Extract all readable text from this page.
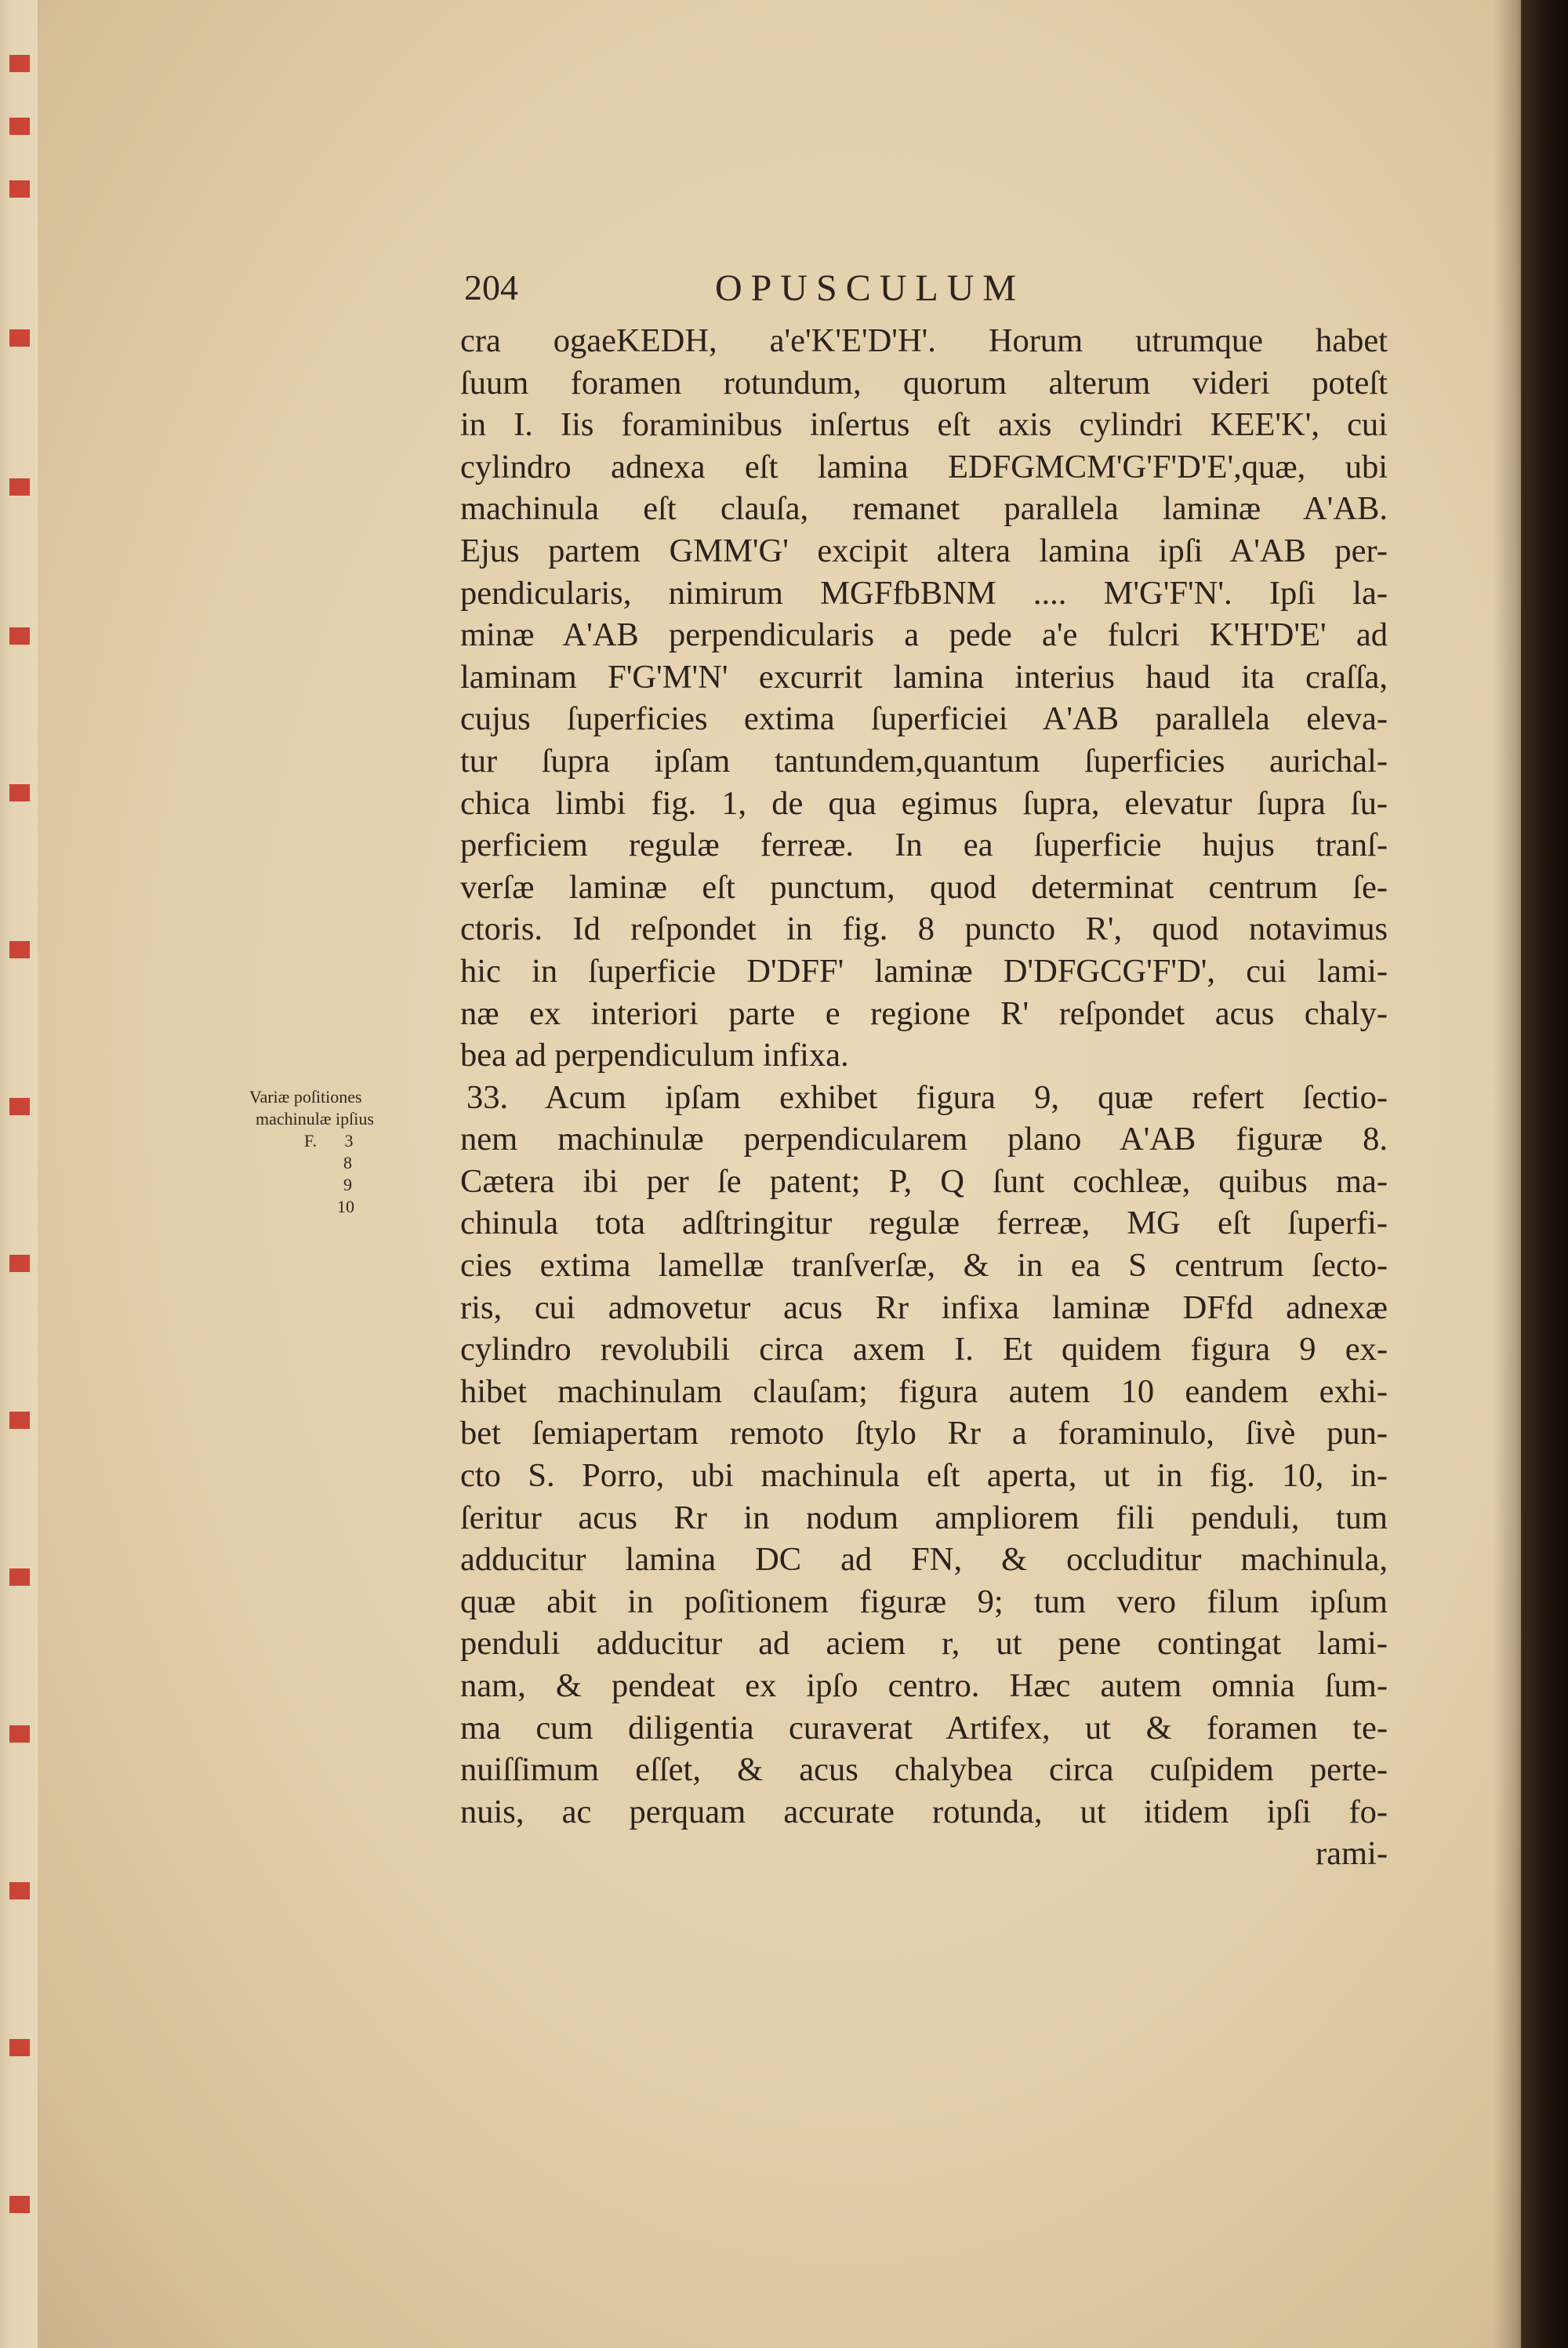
204	OPUSCULUM
cra ogaeKEDH, a'e'K'E'D'H'. Horum utrumque habet
ſuum foramen rotundum, quorum alterum videri poteſt
in I. Iis foraminibus inſertus eſt axis cylindri KEE'K', cui
cylindro adnexa eſt lamina EDFGMCM'G'F'D'E',quæ, ubi
machinula eſt clauſa, remanet parallela laminæ A'AB.
Ejus partem GMM'G' excipit altera lamina ipſi A'AB per-
pendicularis, nimirum MGFfbBNM .... M'G'F'N'. Ipſi la-
minæ A'AB perpendicularis a pede a'e fulcri K'H'D'E' ad
laminam F'G'M'N' excurrit lamina interius haud ita craſſa,
cujus ſuperficies extima ſuperficiei A'AB parallela eleva-
tur ſupra ipſam tantundem,quantum ſuperficies aurichal-
chica limbi fig. 1, de qua egimus ſupra, elevatur ſupra ſu-
perficiem regulæ ferreæ. In ea ſuperficie hujus tranſ-
verſæ laminæ eſt punctum, quod determinat centrum ſe-
ctoris. Id reſpondet in fig. 8 puncto R', quod notavimus
hic in ſuperficie D'DFF' laminæ D'DFGCG'F'D', cui lami-
næ ex interiori parte e regione R' reſpondet acus chaly-
bea ad perpendiculum infixa.
33. Acum ipſam exhibet figura 9, quæ refert ſectio-
nem machinulæ perpendicularem plano A'AB figuræ 8.
Cætera ibi per ſe patent; P, Q ſunt cochleæ, quibus ma-
chinula tota adſtringitur regulæ ferreæ, MG eſt ſuperfi-
cies extima lamellæ tranſverſæ, & in ea S centrum ſecto-
ris, cui admovetur acus Rr infixa laminæ DFfd adnexæ
cylindro revolubili circa axem I. Et quidem figura 9 ex-
hibet machinulam clauſam; figura autem 10 eandem exhi-
bet ſemiapertam remoto ſtylo Rr a foraminulo, ſivè pun-
cto S. Porro, ubi machinula eſt aperta, ut in fig. 10, in-
ſeritur acus Rr in nodum ampliorem fili penduli, tum
adducitur lamina DC ad FN, & occluditur machinula,
quæ abit in poſitionem figuræ 9; tum vero filum ipſum
penduli adducitur ad aciem r, ut pene contingat lami-
nam, & pendeat ex ipſo centro. Hæc autem omnia ſum-
ma cum diligentia curaverat Artifex, ut & foramen te-
nuiſſimum eſſet, & acus chalybea circa cuſpidem perte-
nuis, ac perquam accurate rotunda, ut itidem ipſi fo-
rami-
Variæ poſitiones
machinulæ ipſius
F. 3
8
9
10
